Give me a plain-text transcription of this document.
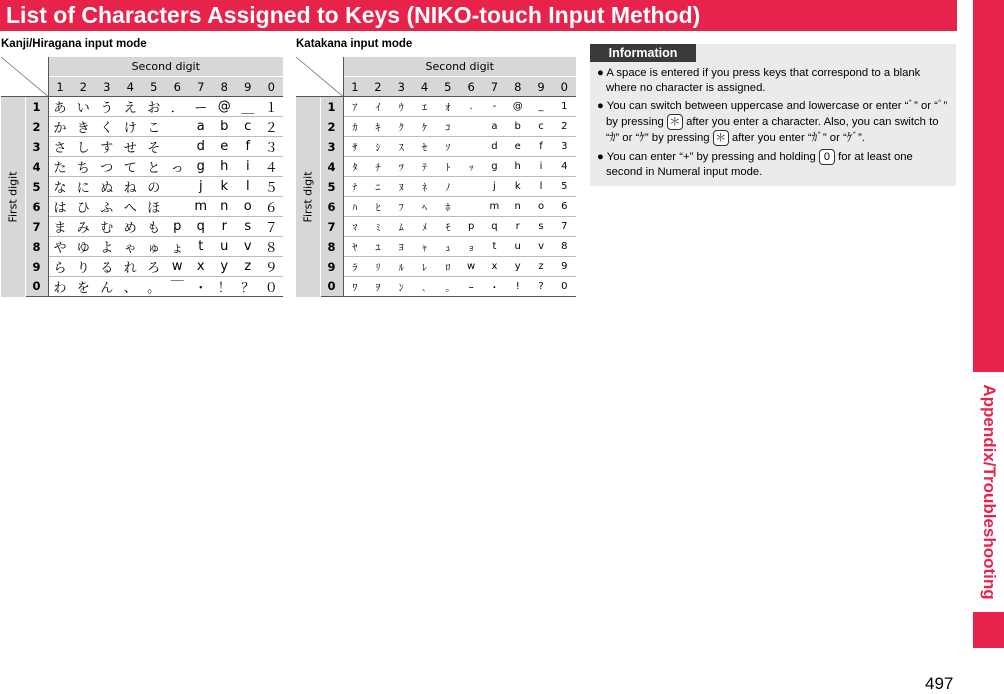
List of Characters Assigned to Keys (NIKO-touch Input Method)
Kanji/Hiragana input mode	Katakana input mode
	Second digit									
		1	2	3	4	5	6	7	8	9	0

First digit	1	あ	い	う	え	お	．	ー	@	＿	１
	2	か	き	く	け	こ		a	b	c	２
	3	さ	し	す	せ	そ		d	e	f	３
	4	た	ち	つ	て	と	っ	g	h	i	４
	5	な	に	ぬ	ね	の		j	k	l	５
	6	は	ひ	ふ	へ	ほ		m	n	o	６
	7	ま	み	む	め	も	p	q	r	s	７
	8	や	ゆ	よ	ゃ	ゅ	ょ	t	u	v	８
	9	ら	り	る	れ	ろ	w	x	y	z	９
	0	わ	を	ん	、	。	￣	・	！	？	０
	Second digit									
		1	2	3	4	5	6	7	8	9	0

First digit	1	ｱ	ｲ	ｳ	ｴ	ｵ	.	-	@	_	1
	2	ｶ	ｷ	ｸ	ｹ	ｺ		a	b	c	2
	3	ｻ	ｼ	ｽ	ｾ	ｿ		d	e	f	3
	4	ﾀ	ﾁ	ﾂ	ﾃ	ﾄ	ｯ	g	h	i	4
	5	ﾅ	ﾆ	ﾇ	ﾈ	ﾉ		j	k	l	5
	6	ﾊ	ﾋ	ﾌ	ﾍ	ﾎ		m	n	o	6
	7	ﾏ	ﾐ	ﾑ	ﾒ	ﾓ	p	q	r	s	7
	8	ﾔ	ﾕ	ﾖ	ｬ	ｭ	ｮ	t	u	v	8
	9	ﾗ	ﾘ	ﾙ	ﾚ	ﾛ	w	x	y	z	9
	0	ﾜ	ｦ	ﾝ	､	｡	ｰ	･	!	?	0
Information

● A space is entered if you press keys that correspond to a blank where no character is assigned.

● You can switch between uppercase and lowercase or enter “ﾞ” or “ﾟ” by pressing ＊ after you enter a character. Also, you can switch to “ｶ” or “ｹ” by pressing ＊ after you enter “ｶﾞ” or “ｹﾞ”.

● You can enter “+” by pressing and holding 0 for at least one second in Numeral input mode.

Appendix/Troubleshooting
497
